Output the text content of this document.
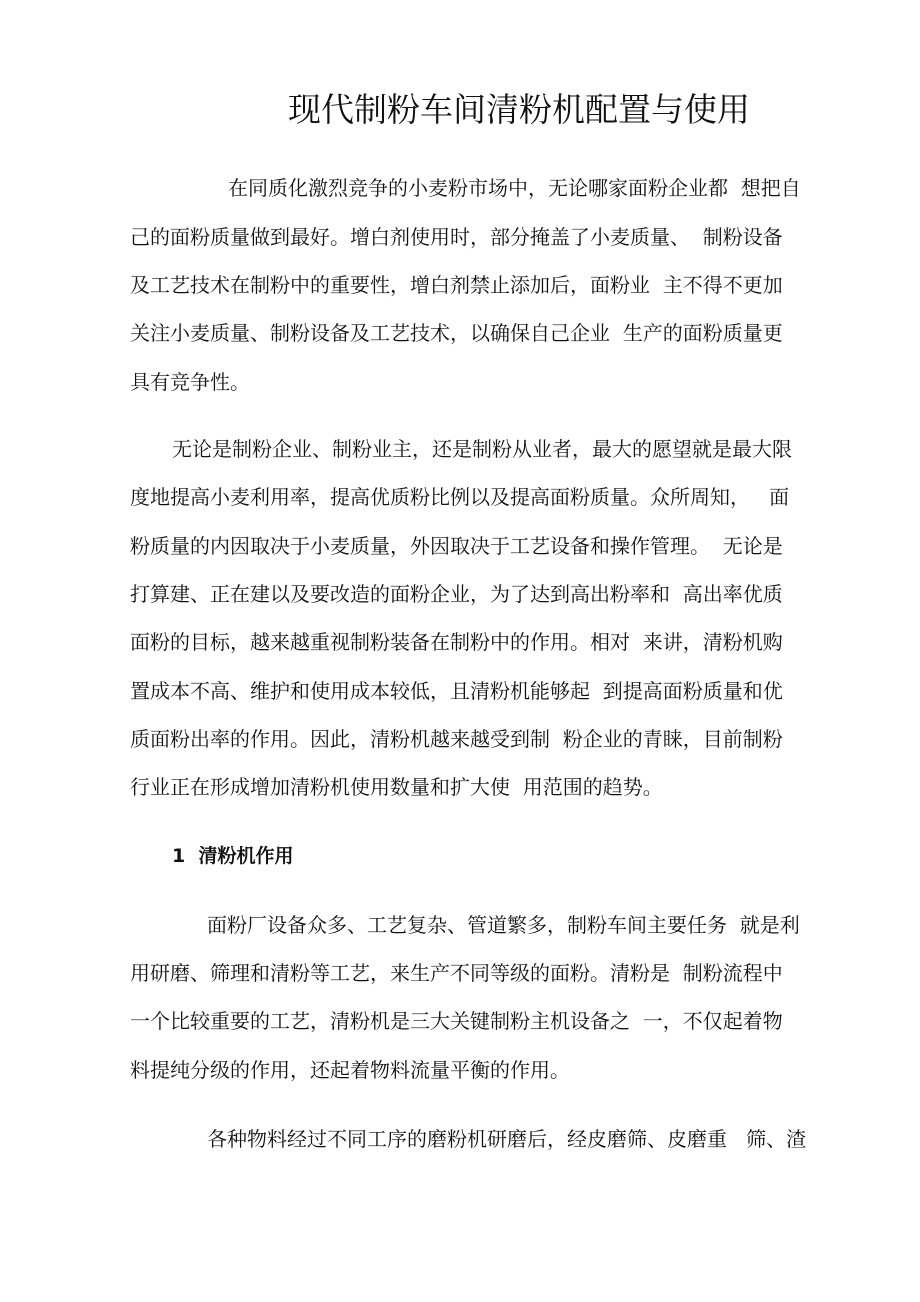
现代制粉车间清粉机配置与使用

在同质化激烈竞争的小麦粉市场中，无论哪家面粉企业都  想把自

己的面粉质量做到最好。增白剂使用时，部分掩盖了小麦质量、  制粉设备

及工艺技术在制粉中的重要性，增白剂禁止添加后，面粉业  主不得不更加

关注小麦质量、制粉设备及工艺技术，以确保自己企业  生产的面粉质量更

具有竞争性。

无论是制粉企业、制粉业主，还是制粉从业者，最大的愿望就是最大限

度地提高小麦利用率，提高优质粉比例以及提高面粉质量。众所周知，   面

粉质量的内因取决于小麦质量，外因取决于工艺设备和操作管理。  无论是

打算建、正在建以及要改造的面粉企业，为了达到高出粉率和  高出率优质

面粉的目标，越来越重视制粉装备在制粉中的作用。相对  来讲，清粉机购

置成本不高、维护和使用成本较低，且清粉机能够起  到提高面粉质量和优

质面粉出率的作用。因此，清粉机越来越受到制  粉企业的青睐，目前制粉

行业正在形成增加清粉机使用数量和扩大使  用范围的趋势。

1  清粉机作用

面粉厂设备众多、工艺复杂、管道繁多，制粉车间主要任务  就是利

用研磨、筛理和清粉等工艺，来生产不同等级的面粉。清粉是  制粉流程中

一个比较重要的工艺，清粉机是三大关键制粉主机设备之  一，不仅起着物

料提纯分级的作用，还起着物料流量平衡的作用。

各种物料经过不同工序的磨粉机研磨后，经皮磨筛、皮磨重   筛、渣
